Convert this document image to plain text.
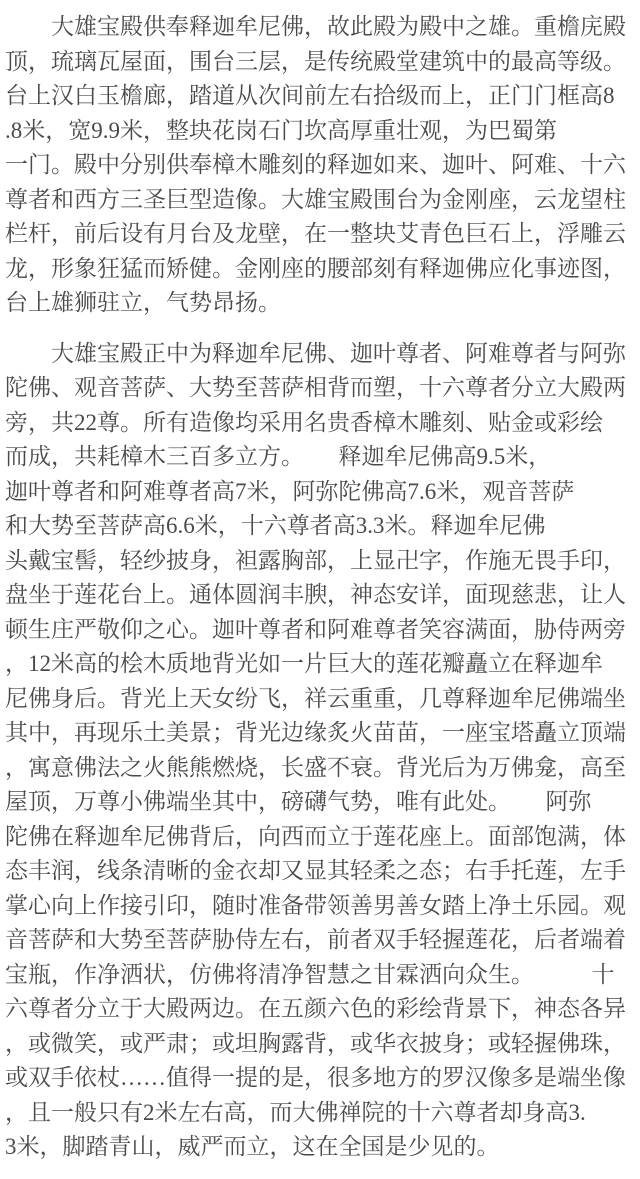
　　大雄宝殿供奉释迦牟尼佛，故此殿为殿中之雄。重檐庑殿
顶，琉璃瓦屋面，围台三层，是传统殿堂建筑中的最高等级。
台上汉白玉檐廊，踏道从次间前左右拾级而上，正门门框高8
.8米，宽9.9米，整块花岗石门坎高厚重壮观，为巴蜀第
一门。殿中分别供奉樟木雕刻的释迦如来、迦叶、阿难、十六
尊者和西方三圣巨型造像。大雄宝殿围台为金刚座，云龙望柱
栏杆，前后设有月台及龙壁，在一整块艾青色巨石上，浮雕云
龙，形象狂猛而矫健。金刚座的腰部刻有释迦佛应化事迹图，
台上雄狮驻立，气势昂扬。
　　大雄宝殿正中为释迦牟尼佛、迦叶尊者、阿难尊者与阿弥
陀佛、观音菩萨、大势至菩萨相背而塑，十六尊者分立大殿两
旁，共22尊。所有造像均采用名贵香樟木雕刻、贴金或彩绘
而成，共耗樟木三百多立方。　　释迦牟尼佛高9.5米，
迦叶尊者和阿难尊者高7米，阿弥陀佛高7.6米，观音菩萨
和大势至菩萨高6.6米，十六尊者高3.3米。释迦牟尼佛
头戴宝髻，轻纱披身，袒露胸部，上显卍字，作施无畏手印，
盘坐于莲花台上。通体圆润丰腴，神态安详，面现慈悲，让人
顿生庄严敬仰之心。迦叶尊者和阿难尊者笑容满面，胁侍两旁
，12米高的桧木质地背光如一片巨大的莲花瓣矗立在释迦牟
尼佛身后。背光上天女纷飞，祥云重重，几尊释迦牟尼佛端坐
其中，再现乐土美景；背光边缘炙火苗苗，一座宝塔矗立顶端
，寓意佛法之火熊熊燃烧，长盛不衰。背光后为万佛龛，高至
屋顶，万尊小佛端坐其中，磅礴气势，唯有此处。　　阿弥
陀佛在释迦牟尼佛背后，向西而立于莲花座上。面部饱满，体
态丰润，线条清晰的金衣却又显其轻柔之态；右手托莲，左手
掌心向上作接引印，随时准备带领善男善女踏上净土乐园。观
音菩萨和大势至菩萨胁侍左右，前者双手轻握莲花，后者端着
宝瓶，作净洒状，仿佛将清净智慧之甘霖洒向众生。　　　十
六尊者分立于大殿两边。在五颜六色的彩绘背景下，神态各异
，或微笑，或严肃；或坦胸露背，或华衣披身；或轻握佛珠，
或双手依杖……值得一提的是，很多地方的罗汉像多是端坐像
，且一般只有2米左右高，而大佛禅院的十六尊者却身高3.
3米，脚踏青山，威严而立，这在全国是少见的。
